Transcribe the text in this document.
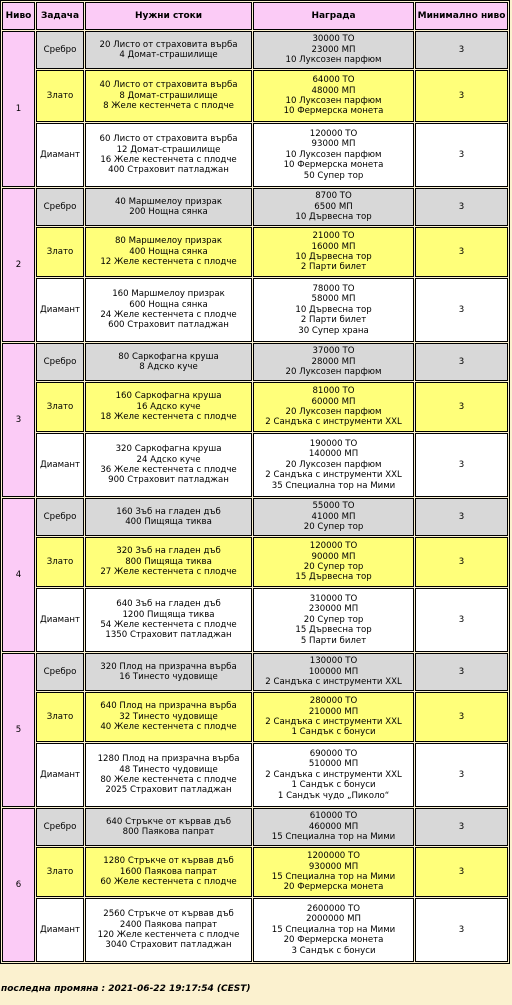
Ниво	Задача	Нужни стоки	Награда	Минимално ниво
1	Сребро	20 Листо от страховита върба
4 Домат-страшилище	30000 ТО
23000 МП
10 Луксозен парфюм	3
	Злато	40 Листо от страховита върба
8 Домат-страшилище
8 Желе кестенчета с плодче	64000 ТО
48000 МП
10 Луксозен парфюм
10 Фермерска монета	3
	Диамант	60 Листо от страховита върба
12 Домат-страшилище
16 Желе кестенчета с плодче
400 Страховит патладжан	120000 ТО
93000 МП
10 Луксозен парфюм
10 Фермерска монета
50 Супер тор	3
2	Сребро	40 Маршмелоу призрак
200 Нощна сянка	8700 ТО
6500 МП
10 Дървесна тор	3
	Злато	80 Маршмелоу призрак
400 Нощна сянка
12 Желе кестенчета с плодче	21000 ТО
16000 МП
10 Дървесна тор
2 Парти билет	3
	Диамант	160 Маршмелоу призрак
600 Нощна сянка
24 Желе кестенчета с плодче
600 Страховит патладжан	78000 ТО
58000 МП
10 Дървесна тор
2 Парти билет
30 Супер храна	3
3	Сребро	80 Саркофагна круша
8 Адско куче	37000 ТО
28000 МП
20 Луксозен парфюм	3
	Злато	160 Саркофагна круша
16 Адско куче
18 Желе кестенчета с плодче	81000 ТО
60000 МП
20 Луксозен парфюм
2 Сандъка с инструменти XXL	3
	Диамант	320 Саркофагна круша
24 Адско куче
36 Желе кестенчета с плодче
900 Страховит патладжан	190000 ТО
140000 МП
20 Луксозен парфюм
2 Сандъка с инструменти XXL
35 Специална тор на Мими	3
4	Сребро	160 Зъб на гладен дъб
400 Пищяща тиква	55000 ТО
41000 МП
20 Супер тор	3
	Злато	320 Зъб на гладен дъб
800 Пищяща тиква
27 Желе кестенчета с плодче	120000 ТО
90000 МП
20 Супер тор
15 Дървесна тор	3
	Диамант	640 Зъб на гладен дъб
1200 Пищяща тиква
54 Желе кестенчета с плодче
1350 Страховит патладжан	310000 ТО
230000 МП
20 Супер тор
15 Дървесна тор
5 Парти билет	3
5	Сребро	320 Плод на призрачна върба
16 Тинесто чудовище	130000 ТО
100000 МП
2 Сандъка с инструменти XXL	3
	Злато	640 Плод на призрачна върба
32 Тинесто чудовище
40 Желе кестенчета с плодче	280000 ТО
210000 МП
2 Сандъка с инструменти XXL
1 Сандък с бонуси	3
	Диамант	1280 Плод на призрачна върба
48 Тинесто чудовище
80 Желе кестенчета с плодче
2025 Страховит патладжан	690000 ТО
510000 МП
2 Сандъка с инструменти XXL
1 Сандък с бонуси
1 Сандък чудо „Пиколо“	3
6	Сребро	640 Стръкче от кървав дъб
800 Паякова папрат	610000 ТО
460000 МП
15 Специална тор на Мими	3
	Злато	1280 Стръкче от кървав дъб
1600 Паякова папрат
60 Желе кестенчета с плодче	1200000 ТО
930000 МП
15 Специална тор на Мими
20 Фермерска монета	3
	Диамант	2560 Стръкче от кървав дъб
2400 Паякова папрат
120 Желе кестенчета с плодче
3040 Страховит патладжан	2600000 ТО
2000000 МП
15 Специална тор на Мими
20 Фермерска монета
3 Сандък с бонуси	3
последна промяна : 2021-06-22 19:17:54 (CEST)
